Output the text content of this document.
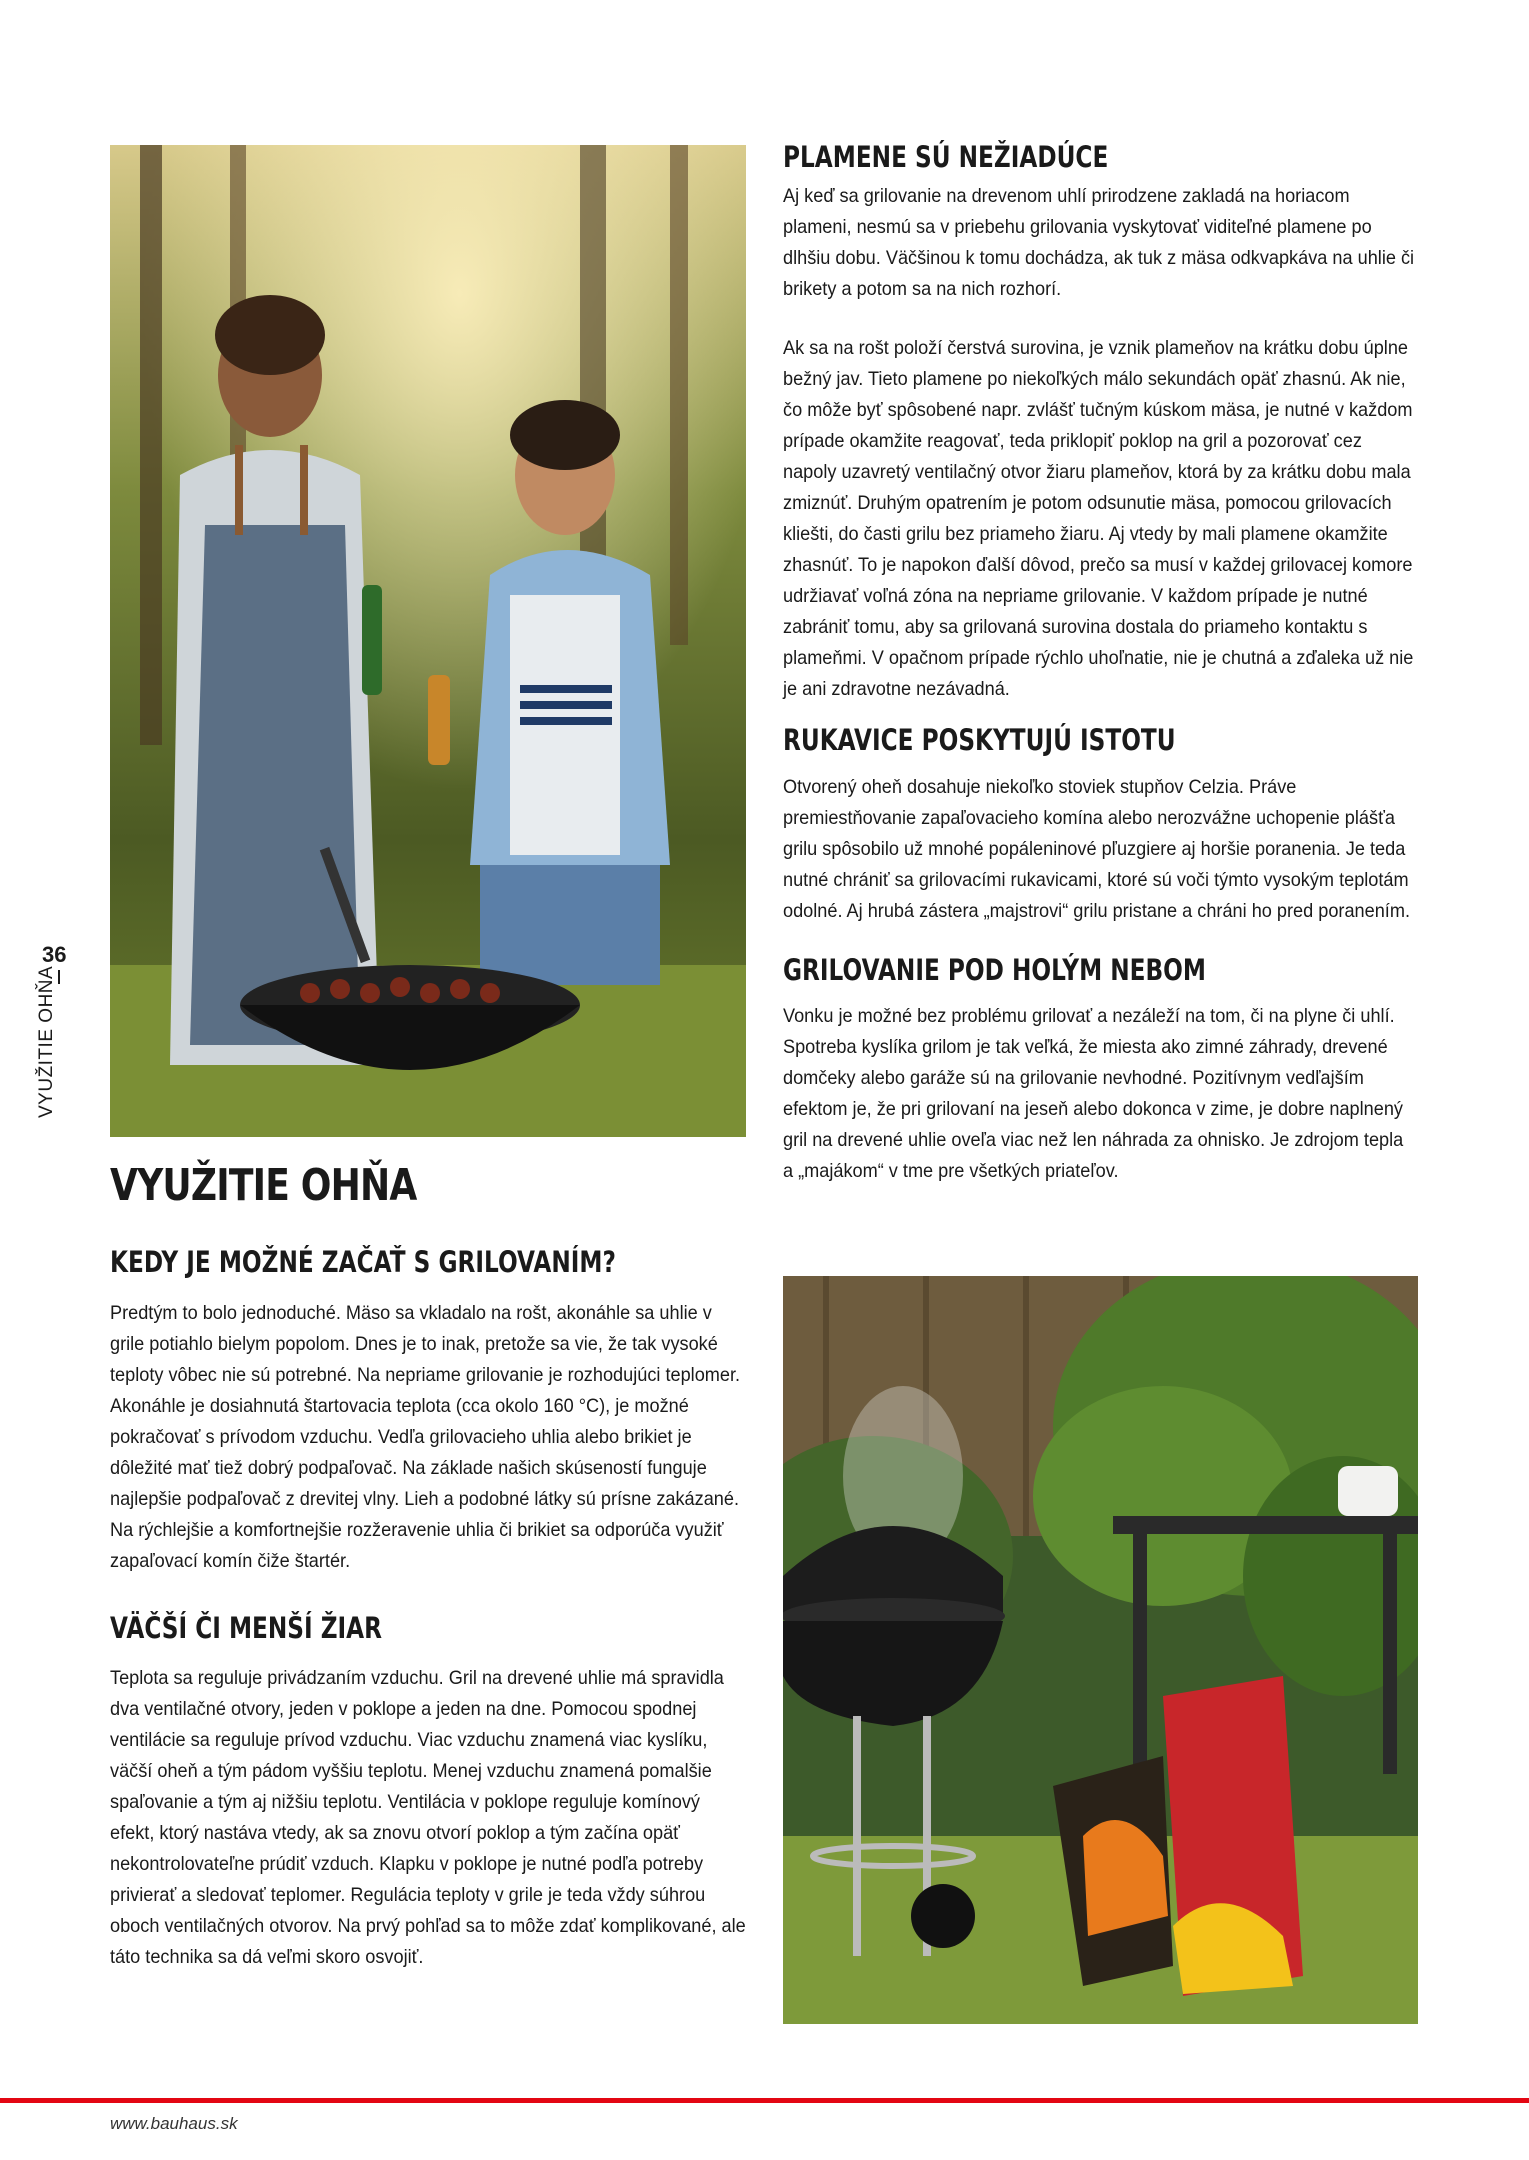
36
VYUŽITIE OHŇA
VYUŽITIE OHŇA
KEDY JE MOŽNÉ ZAČAŤ S GRILOVANÍM?

Predtým to bolo jednoduché. Mäso sa vkladalo na rošt, akonáhle sa uhlie v grile potiahlo bielym popolom. Dnes je to inak, pretože sa vie, že tak vysoké teploty vôbec nie sú potrebné. Na nepriame grilovanie je rozhodujúci teplomer. Akonáhle je dosiahnutá štartovacia teplota (cca okolo 160 °C), je možné pokračovať s prívodom vzduchu. Vedľa grilovacieho uhlia alebo brikiet je dôležité mať tiež dobrý podpaľovač. Na základe našich skúseností funguje najlepšie podpaľovač z drevitej vlny. Lieh a podobné látky sú prísne zakázané. Na rýchlejšie a komfortnejšie rozžeravenie uhlia či brikiet sa odporúča využiť zapaľovací komín čiže štartér.

VÄČŠÍ ČI MENŠÍ ŽIAR

Teplota sa reguluje privádzaním vzduchu. Gril na drevené uhlie má spravidla dva ventilačné otvory, jeden v poklope a jeden na dne. Pomocou spodnej ventilácie sa reguluje prívod vzduchu. Viac vzduchu znamená viac kyslíku, väčší oheň a tým pádom vyššiu teplotu. Menej vzduchu znamená pomalšie spaľovanie a tým aj nižšiu teplotu. Ventilácia v poklope reguluje komínový efekt, ktorý nastáva vtedy, ak sa znovu otvorí poklop a tým začína opäť nekontrolovateľne prúdiť vzduch. Klapku v poklope je nutné podľa potreby privierať a sledovať teplomer. Regulácia teploty v grile je teda vždy súhrou oboch ventilačných otvorov. Na prvý pohľad sa to môže zdať komplikované, ale táto technika sa dá veľmi skoro osvojiť.

PLAMENE SÚ NEŽIADÚCE

Aj keď sa grilovanie na drevenom uhlí prirodzene zakladá na horiacom plameni, nesmú sa v priebehu grilovania vyskytovať viditeľné plamene po dlhšiu dobu. Väčšinou k tomu dochádza, ak tuk z mäsa odkvapkáva na uhlie či brikety a potom sa na nich rozhorí.

Ak sa na rošt položí čerstvá surovina, je vznik plameňov na krátku dobu úplne bežný jav. Tieto plamene po niekoľkých málo sekundách opäť zhasnú. Ak nie, čo môže byť spôsobené napr. zvlášť tučným kúskom mäsa, je nutné v každom prípade okamžite reagovať, teda priklopiť poklop na gril a pozorovať cez napoly uzavretý ventilačný otvor žiaru plameňov, ktorá by za krátku dobu mala zmiznúť. Druhým opatrením je potom odsunutie mäsa, pomocou grilovacích kliešti, do časti grilu bez priameho žiaru. Aj vtedy by mali plamene okamžite zhasnúť. To je napokon ďalší dôvod, prečo sa musí v každej grilovacej komore udržiavať voľná zóna na nepriame grilovanie. V každom prípade je nutné zabrániť tomu, aby sa grilovaná surovina dostala do priameho kontaktu s plameňmi. V opačnom prípade rýchlo uhoľnatie, nie je chutná a zďaleka už nie je ani zdravotne nezávadná.

RUKAVICE POSKYTUJÚ ISTOTU

Otvorený oheň dosahuje niekoľko stoviek stupňov Celzia. Práve premiestňovanie zapaľovacieho komína alebo nerozvážne uchopenie plášťa grilu spôsobilo už mnohé popáleninové pľuzgiere aj horšie poranenia. Je teda nutné chrániť sa grilovacími rukavicami, ktoré sú voči týmto vysokým teplotám odolné. Aj hrubá zástera „majstrovi“ grilu pristane a chráni ho pred poranením.

GRILOVANIE POD HOLÝM NEBOM

Vonku je možné bez problému grilovať a nezáleží na tom, či na plyne či uhlí. Spotreba kyslíka grilom je tak veľká, že miesta ako zimné záhrady, drevené domčeky alebo garáže sú na grilovanie nevhodné. Pozitívnym vedľajším efektom je, že pri grilovaní na jeseň alebo dokonca v zime, je dobre naplnený gril na drevené uhlie oveľa viac než len náhrada za ohnisko. Je zdrojom tepla a „majákom“ v tme pre všetkých priateľov.

www.bauhaus.sk
